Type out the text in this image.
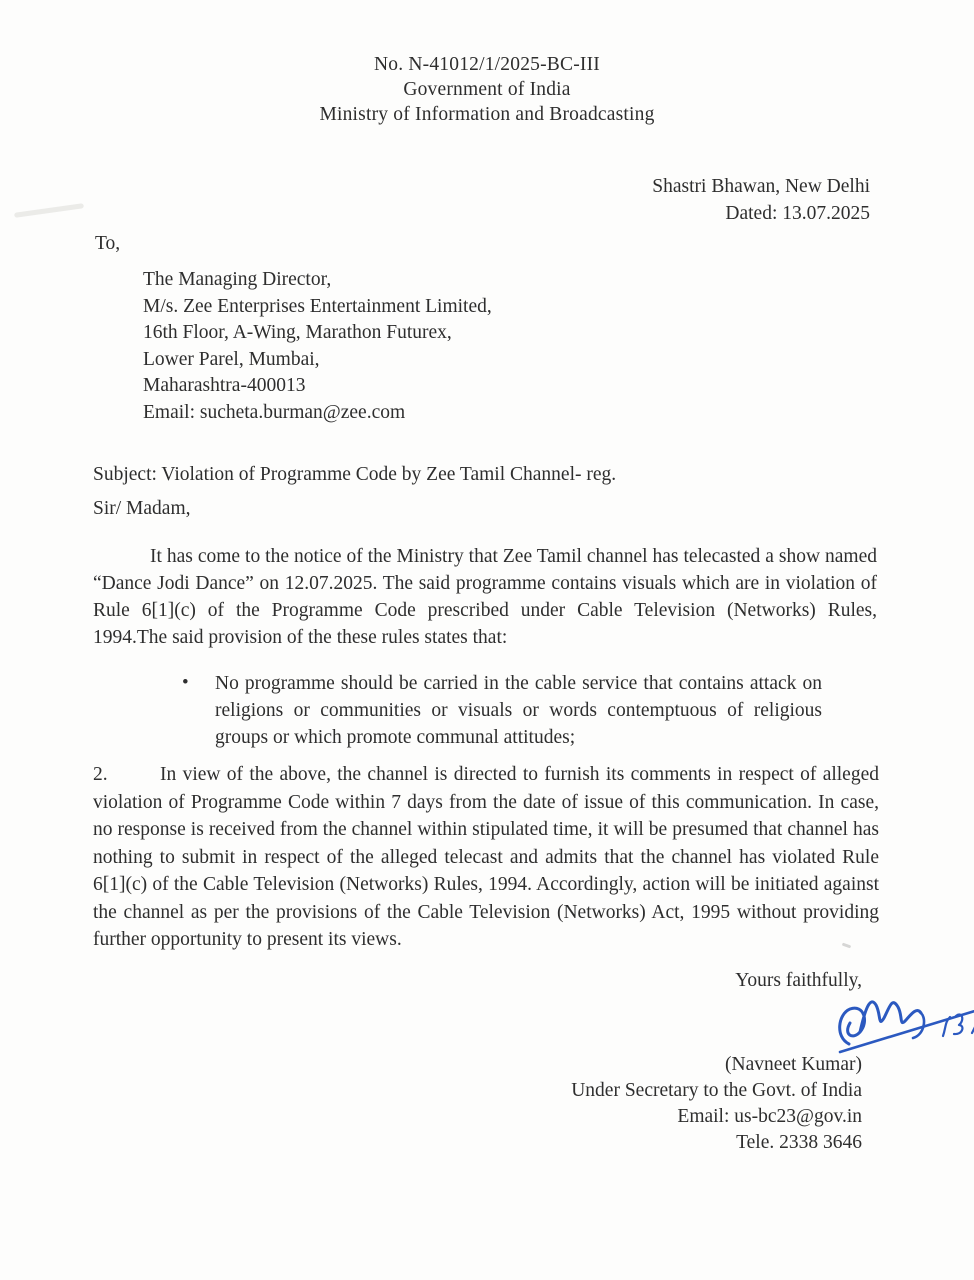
No. N-41012/1/2025-BC-III
Government of India
Ministry of Information and Broadcasting
Shastri Bhawan, New Delhi
Dated: 13.07.2025
To,
The Managing Director,
M/s. Zee Enterprises Entertainment Limited,
16th Floor, A-Wing, Marathon Futurex,
Lower Parel, Mumbai,
Maharashtra-400013
Email: sucheta.burman@zee.com
Subject: Violation of Programme Code by Zee Tamil Channel- reg.
Sir/ Madam,

It has come to the notice of the Ministry that Zee Tamil channel has telecasted a show named “Dance Jodi Dance” on 12.07.2025. The said programme contains visuals which are in violation of Rule 6[1](c) of the Programme Code prescribed under Cable Television (Networks) Rules, 1994.The said provision of the these rules states that:

• No programme should be carried in the cable service that contains attack on religions or communities or visuals or words contemptuous of religious groups or which promote communal attitudes;

2.	In view of the above, the channel is directed to furnish its comments in respect of alleged violation of Programme Code within 7 days from the date of issue of this communication. In case, no response is received from the channel within stipulated time, it will be presumed that channel has nothing to submit in respect of the alleged telecast and admits that the channel has violated Rule 6[1](c) of the Cable Television (Networks) Rules, 1994. Accordingly, action will be initiated against the channel as per the provisions of the Cable Television (Networks) Act, 1995 without providing further opportunity to present its views.

Yours faithfully,
(Navneet Kumar)
Under Secretary to the Govt. of India
Email: us-bc23@gov.in
Tele. 2338 3646
